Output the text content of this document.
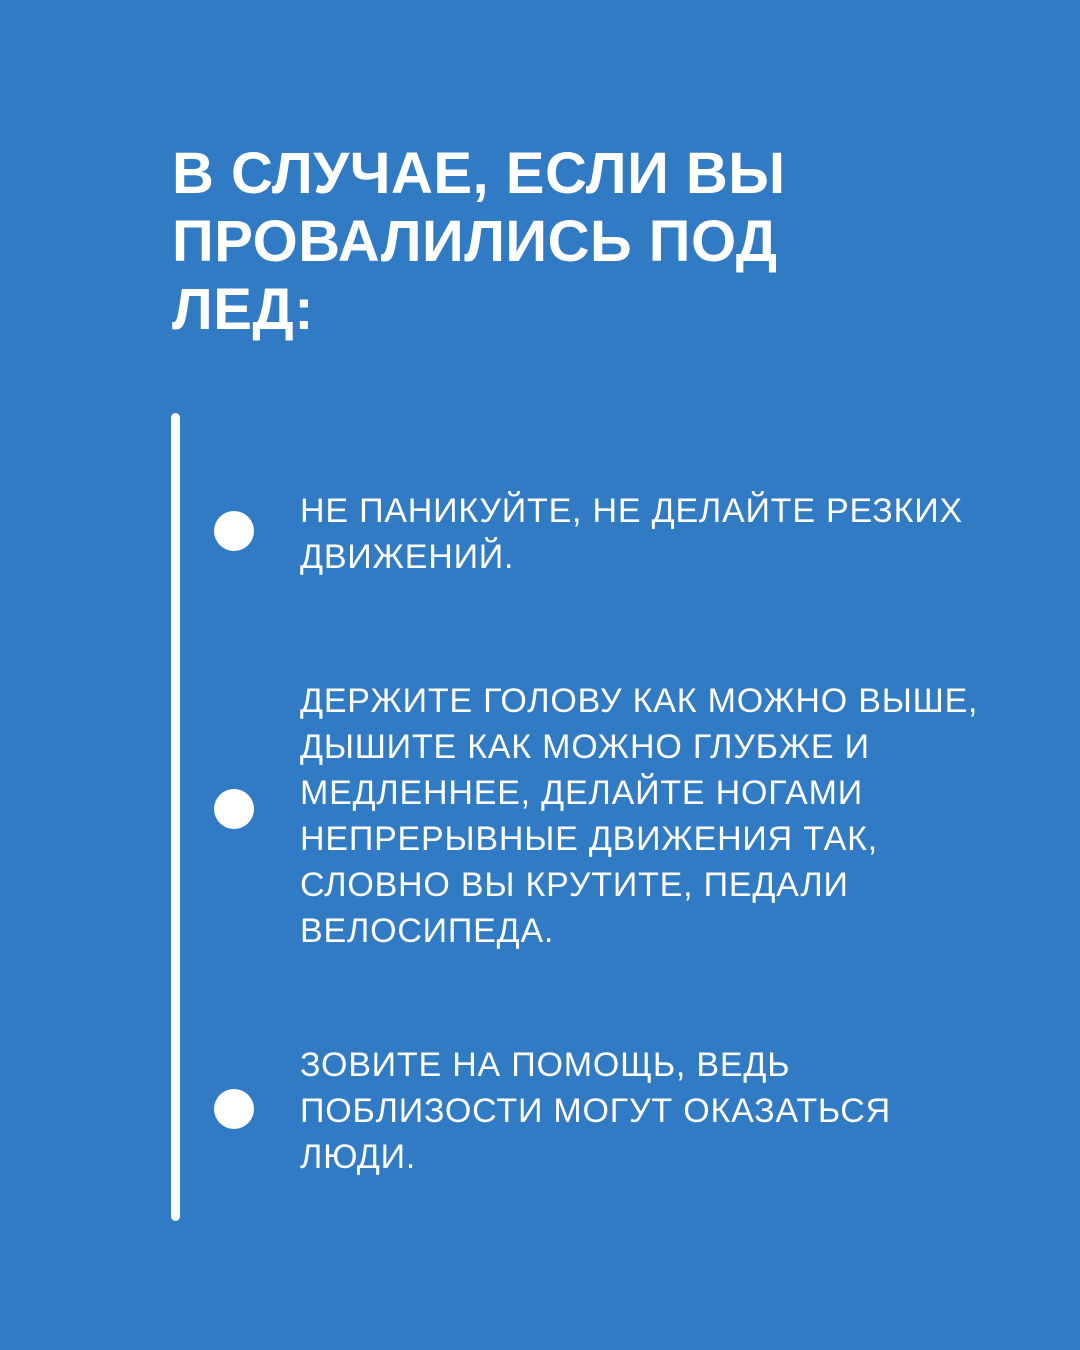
В СЛУЧАЕ, ЕСЛИ ВЫ ПРОВАЛИЛИСЬ ПОД ЛЕД:

НЕ ПАНИКУЙТЕ, НЕ ДЕЛАЙТЕ РЕЗКИХ ДВИЖЕНИЙ.

ДЕРЖИТЕ ГОЛОВУ КАК МОЖНО ВЫШЕ, ДЫШИТЕ КАК МОЖНО ГЛУБЖЕ И МЕДЛЕННЕЕ, ДЕЛАЙТЕ НОГАМИ НЕПРЕРЫВНЫЕ ДВИЖЕНИЯ ТАК, СЛОВНО ВЫ КРУТИТЕ, ПЕДАЛИ ВЕЛОСИПЕДА.

ЗОВИТЕ НА ПОМОЩЬ, ВЕДЬ ПОБЛИЗОСТИ МОГУТ ОКАЗАТЬСЯ ЛЮДИ.
